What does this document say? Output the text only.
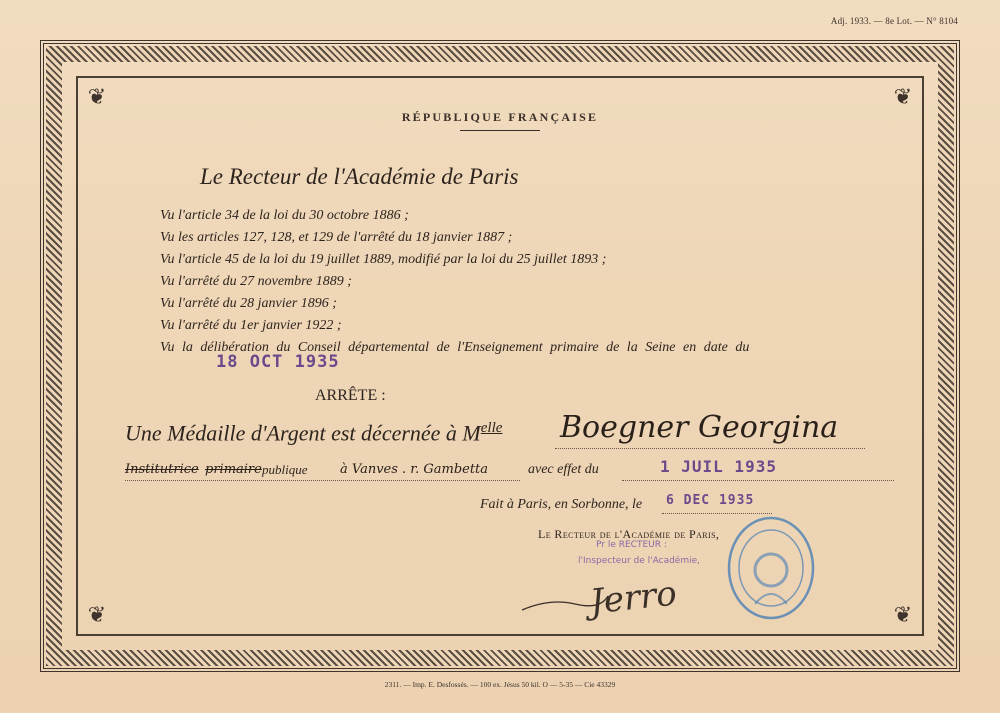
Adj. 1933. — 8e Lot. — N° 8104
❦	❦
❦	❦
RÉPUBLIQUE FRANÇAISE
Le Recteur de l'Académie de Paris
Vu l'article 34 de la loi du 30 octobre 1886 ;
Vu les articles 127, 128, et 129 de l'arrêté du 18 janvier 1887 ;
Vu l'article 45 de la loi du 19 juillet 1889, modifié par la loi du 25 juillet 1893 ;
Vu l'arrêté du 27 novembre 1889 ;
Vu l'arrêté du 28 janvier 1896 ;
Vu l'arrêté du 1er janvier 1922 ;
Vu la délibération du Conseil départemental de l'Enseignement primaire de la Seine en date du
18 OCT 1935
ARRÊTE :
Une Médaille d'Argent est décernée à $M^{elle}$ Boegner Georgina
Institutrice primaire publique	à Vanves . r. Gambetta	avec effet du	1 JUIL 1935
Fait à Paris, en Sorbonne, le 6 DEC 1935
Le Recteur de l'Académie de Paris,
Pr le RECTEUR :
l'Inspecteur de l'Académie,
Jerro
2311. — Imp. E. Desfossés. — 100 ex. Jésus 50 kil. O — 5-35 — Cie 43329
